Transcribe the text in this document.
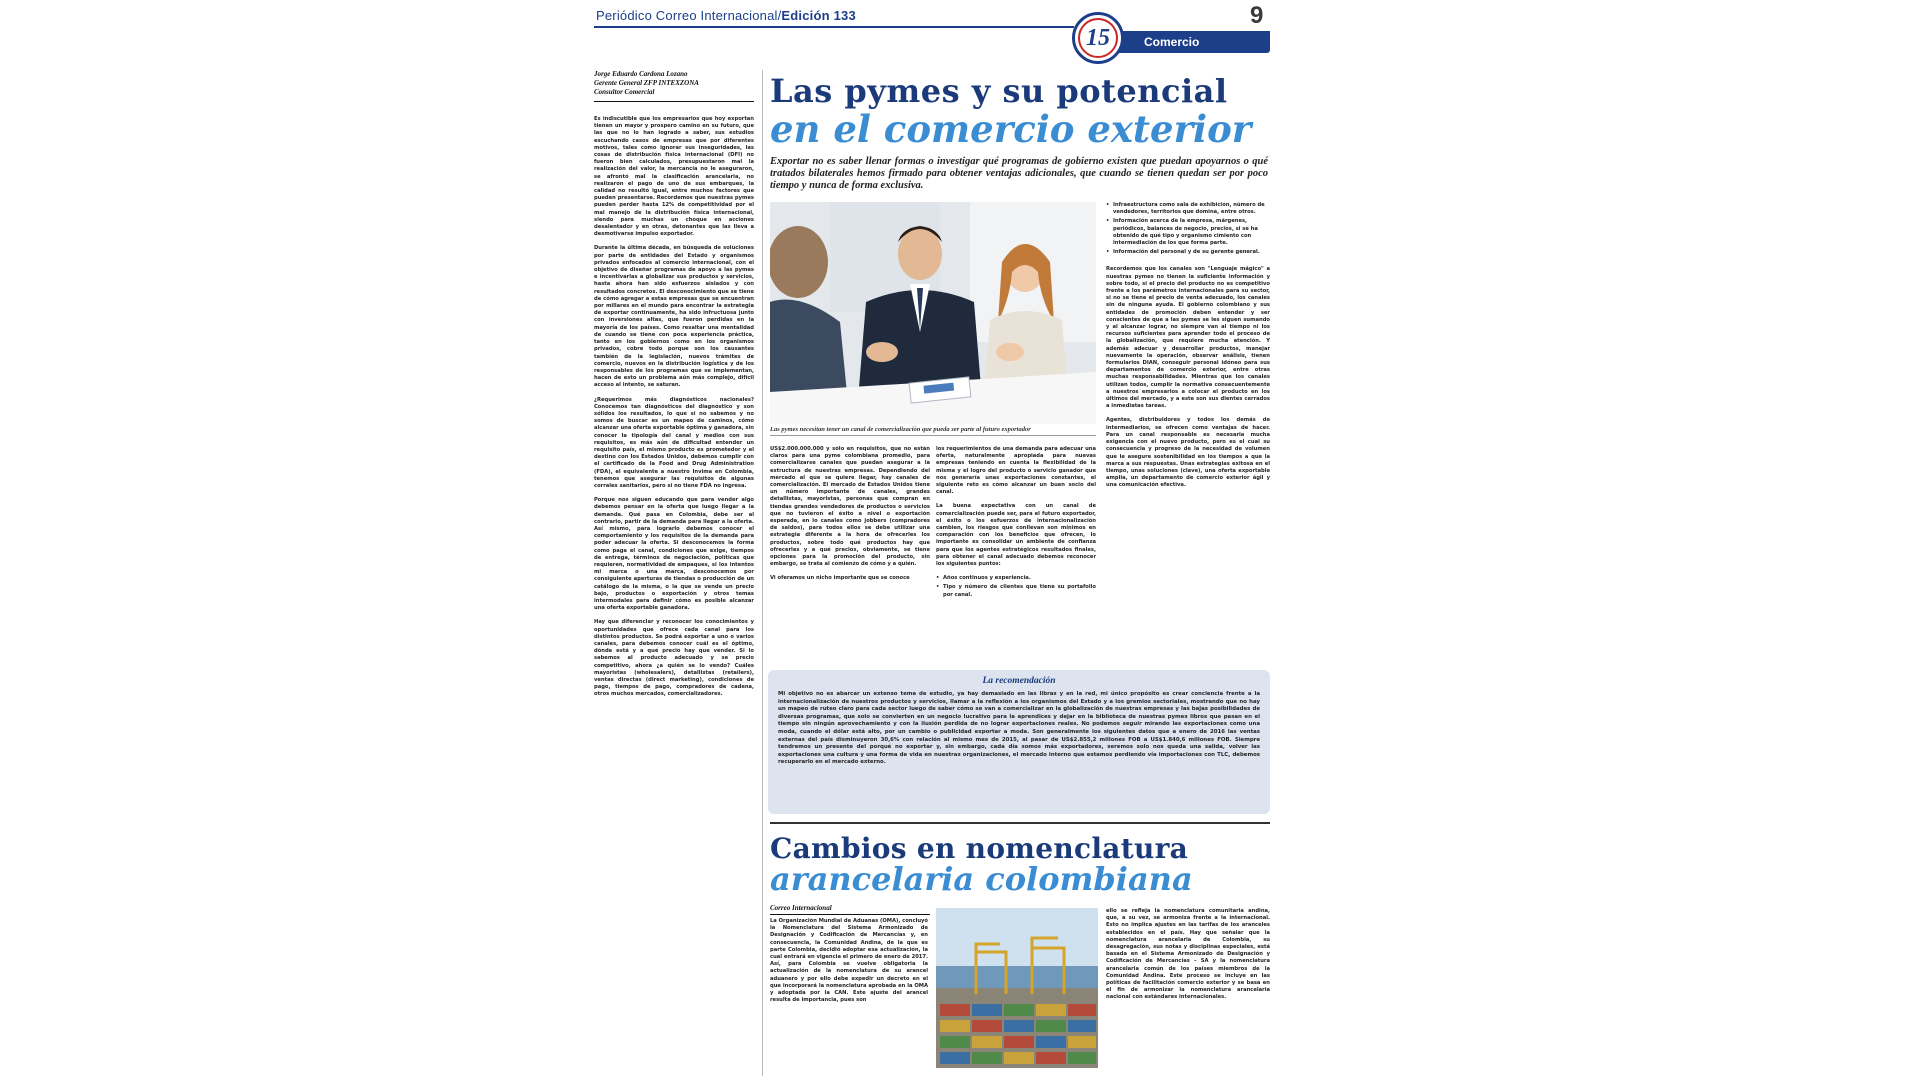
Periódico Correo Internacional/Edición 133	9
15	Comercio
Jorge Eduardo Cardona Lozano
Gerente General ZFP INTEXZONA
Consultor Comercial

Es indiscutible que los empresarios que hoy exportan tienen un mayor y prospero camino en su futuro, que las que no lo han logrado a saber, sus estudios escuchando casos de empresas que por diferentes motivos, tales como ignorar sus inseguridades, las cosas de distribución física internacional (DFI) no fueron bien calculados, presupuestaron mal la realización del valor, la mercancía no le aseguraron, se afrontó mal la clasificación arancelaria, no realizaron el pago de uno de sus embarques, la calidad no resultó igual, entre muchos factores que pueden presentarse. Recordemos que nuestras pymes pueden perder hasta 12% de competitividad por el mal manejo de la distribución física internacional, siendo para muchas un choque en acciones desalentador y en otras, detonantes que las lleva a desmotivarse impulso exportador.

Durante la última década, en búsqueda de soluciones por parte de entidades del Estado y organismos privados enfocados al comercio internacional, con el objetivo de diseñar programas de apoyo a las pymes e incentivarlas a globalizar sus productos y servicios, hasta ahora han sido esfuerzos aislados y con resultados concretos. El desconocimiento que se tiene de cómo agregar a estas empresas que se encuentran por millares en el mundo para encontrar la estrategia de exportar continuamente, ha sido infructuosa junto con inversiones altas, que fueron perdidas en la mayoría de los países. Como resaltar una mentalidad de cuando se tiene con poca experiencia práctica, tanto en los gobiernos como en los organismos privados, cobre todo porque son los causantes también de la legislación, nuevos trámites de comercio, nuevos en la distribución logística y de los responsables de los programas que se implementan, hacen de esto un problema aún más complejo, difícil acceso al intento, se saturan.

¿Requerimos más diagnósticos nacionales? Conocemos tan diagnósticos del diagnóstico y son sólidos los resultados, lo que si no sabemos y no somos de buscar es un mapeo de caminos, cómo alcanzar una oferta exportable óptima y ganadora, sin conocer la tipología del canal y medios con sus requisitos, es más aún de dificultad entender un requisito país, el mismo producto es prometedor y el destino con los Estados Unidos, debemos cumplir con el certificado de la Food and Drug Administration (FDA), el equivalente a nuestro Invima en Colombia, tenemos que asegurar las requisitos de algunas corrales sanitarios, pero si no tiene FDA no ingresa.

Porque nos siguen educando que para vender algo debemos pensar en la oferta que luego llegar a la demanda. Qué pasa en Colombia, debe ser al contrario, partir de la demanda para llegar a la oferta. Así mismo, para lograrlo debemos conocer el comportamiento y los requisitos de la demanda para poder adecuar la oferta. Si desconocemos la forma como paga el canal, condiciones que exige, tiempos de entrega, términos de negociación, políticas que requieren, normatividad de empaques, si los intentos mi marca o una marca, desconocemos por consiguiente aperturas de tiendas o producción de un catálogo de la misma, o la que se vende un precio bajo, productos o exportación y otros temas intermodales para definir cómo es posible alcanzar una oferta exportable ganadora.

Hay que diferenciar y reconocer los conocimientos y oportunidades que ofrece cada canal para los distintos productos. Se podrá exportar a uno o varios canales, para debemos conocer cuál es el óptimo, dónde está y a qué precio hay que vender. Si lo sabemos al producto adecuado y se precio competitivo, ahora ¿a quién se lo vendo? Cuáles mayoristas (wholesalers), detallistas (retailers), ventas directas (direct marketing), condiciones de pago, tiempos de pago, compradores de cadena, otros muchos mercados, comercializadores.

Las pymes y su potencial
en el comercio exterior
Exportar no es saber llenar formas o investigar qué programas de gobierno existen que puedan apoyarnos o qué tratados bilaterales hemos firmado para obtener ventajas adicionales, que cuando se tienen quedan ser por poco tiempo y nunca de forma exclusiva.
Las pymes necesitan tener un canal de comercialización que pueda ser parte al futuro exportador

US$2.000.000.000 y sólo en requisitos, que no están claros para una pyme colombiana promedio, para comercializarse canales que puedan asegurar a la estructura de nuestras empresas. Dependiendo del mercado al que se quiere llegar, hay canales de comercialización. El mercado de Estados Unidos tiene un número importante de canales, grandes detallistas, mayoristas, personas que compran en tiendas grandes vendedores de productos o servicios que no tuvieron el éxito a nivel o exportación esperada, en lo canales como jobbers (compradores de saldos), para todos ellos se debe utilizar una estrategia diferente a la hora de ofrecerles los productos, sobre todo qué productos hay que ofrecerles y a qué precios, obviamente, se tiene opciones para la promoción del producto, sin embargo, se trata al comienzo de cómo y a quién.

Vi oferamos un nicho importante que se conoce

los requerimientos de una demanda para adecuar una oferta, naturalmente apropiada para nuevas empresas teniendo en cuenta la flexibilidad de la misma y el logro del producto o servicio ganador que nos generaría unas exportaciones constantes, el siguiente reto es cómo alcanzar un buen socio del canal.

La buena expectativa con un canal de comercialización puede ser, para el futuro exportador, el éxito o los esfuerzos de internacionalización cambien, los riesgos que conllevan son mínimos en comparación con los beneficios que ofrecen, lo importante es consolidar un ambiente de confianza para que los agentes estratégicos resultados finales, para obtener el canal adecuado debemos reconocer los siguientes puntos:

• Años continuos y experiencia.
• Tipo y número de clientes que tiene su portafolio por canal.
• Infraestructura como sala de exhibición, número de vendedores, territorios que domina, entre otros.
• Información acerca de la empresa, márgenes, periódicos, balances de negocio, precios, si se ha obtenido de qué tipo y organismo cimiento con intermediación de los que forma parte.
• Información del personal y de su gerente general.

Recordemos que los canales son "Lenguaje mágico" a nuestras pymes no tienen la suficiente información y sobre todo, si el precio del producto no es competitivo frente a los parámetros internacionales para su sector, si no se tiene el precio de venta adecuado, los canales sin de ninguna ayuda. El gobierno colombiano y sus entidades de promoción deben entender y ser conscientes de que a las pymes se les siguen sumando y al alcanzar lograr, no siempre van al tiempo ni los recursos suficientes para aprender todo el proceso de la globalización, que requiere mucha atención. Y además adecuar y desarrollar productos, manejar nuevamente la operación, observar análisis, tienen formularios DIAN, conseguir personal idóneo para sus departamentos de comercio exterior, entre otras muchas responsabilidades. Mientras que los canales utilizan todos, cumplir la normativa consecuentemente a nuestros empresarios a colocar el producto en los últimos del mercado, y a este son sus dientes cerrados a inmediatas tareas.

Agentes, distribuidores y todos los demás de intermediarios, se ofrecen como ventajas de hacer. Para un canal responsable es necesaria mucha exigencia con el nuevo producto, pero es el cual su consecuencia y progreso de la necesidad de volumen que le asegure sostenibilidad en los tiempos a que la marca a sus respuestas. Unas estrategias exitosa en el tiempo, unas soluciones (clave), una oferta exportable amplia, un departamento de comercio exterior ágil y una comunicación efectiva.

La recomendación
Mi objetivo no es abarcar un extenso tema de estudio, ya hay demasiado en las libras y en la red, mi único propósito es crear conciencia frente a la internacionalización de nuestros productos y servicios, llamar a la reflexión a los organismos del Estado y a los gremios sectoriales, mostrando que no hay un mapeo de ruteo claro para cada sector luego de saber cómo se van a comercializar en la globalización de nuestras empresas y las bajas posibilidades de diversas programas, que solo se convierten en un negocio lucrativo para la aprendices y dejar en la biblioteca de nuestras pymes libros que pasan en el tiempo sin ningún aprovechamiento y con la ilusión perdida de no lograr exportaciones reales. No podemos seguir mirando las exportaciones como una moda, cuando el dólar está alto, por un cambio o publicidad exportar a moda. Son generalmente los siguientes datos que a enero de 2016 las ventas externas del país disminuyeron 30,6% con relación al mismo mes de 2015, al pasar de US$2.855,2 millones FOB a US$1.840,6 millones FOB. Siempre tendremos un presente del porqué no exportar y, sin embargo, cada día somos más exportadores, seremos solo nos queda una salida, volver las exportaciones una cultura y una forma de vida en nuestras organizaciones, el mercado interno que estamos perdiendo vía importaciones con TLC, debemos recuperarlo en el mercado externo.
Cambios en nomenclatura
arancelaria colombiana
Correo Internacional
La Organización Mundial de Aduanas (OMA), concluyó la Nomenclatura del Sistema Armonizado de Designación y Codificación de Mercancías y, en consecuencia, la Comunidad Andina, de la que es parte Colombia, decidió adoptar esa actualización, la cual entrará en vigencia el primero de enero de 2017. Así, para Colombia se vuelve obligatoria la actualización de la nomenclatura de su arancel aduanero y por ello debe expedir un decreto en el que incorporará la nomenclatura aprobada en la OMA y adoptada por la CAN. Este ajuste del arancel resulta de importancia, pues son
ello se refleja la nomenclatura comunitaria andina, que, a su vez, se armoniza frente a la internacional. Esto no implica ajustes en las tarifas de los aranceles establecidos en el país. Hay que señalar que la nomenclatura arancelaria de Colombia, su desagregación, sus notas y disciplinas especiales, está basada en el Sistema Armonizado de Designación y Codificación de Mercancías – SA y la nomenclatura arancelaria común de los países miembros de la Comunidad Andina. Este proceso se incluye en las políticas de facilitación comercio exterior y se basa en el fin de armonizar la nomenclatura arancelaria nacional con estándares internacionales.
